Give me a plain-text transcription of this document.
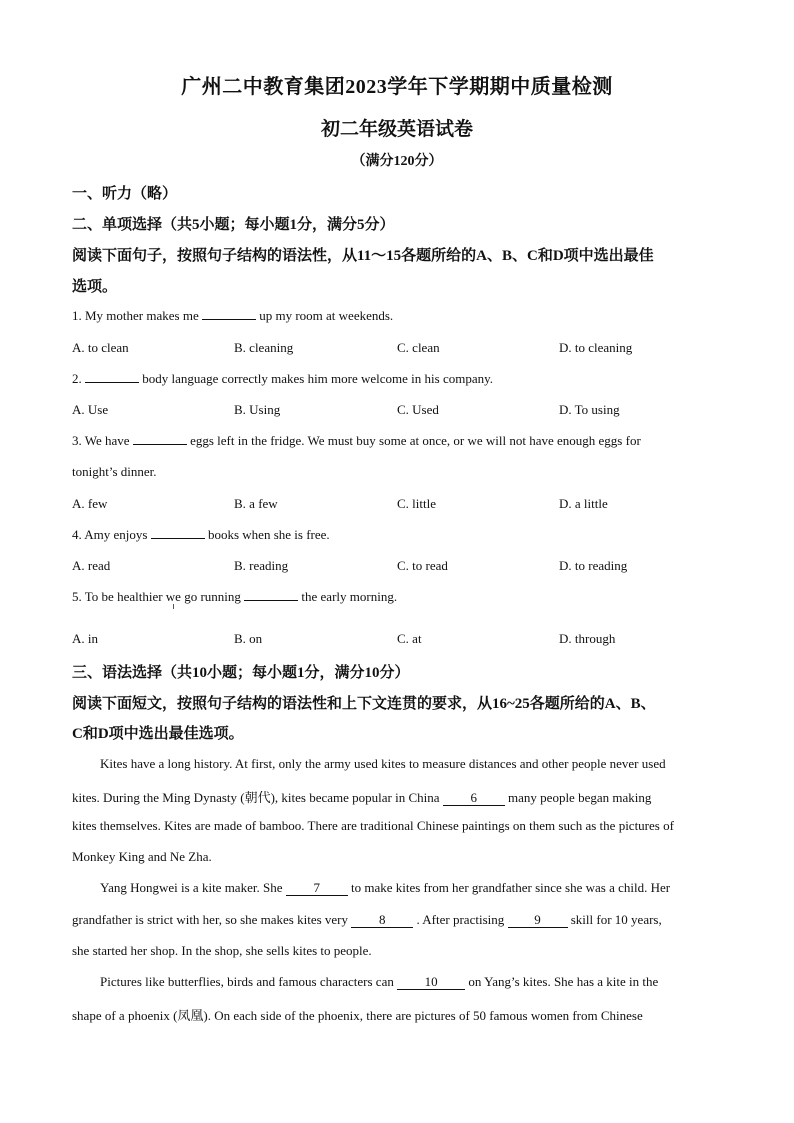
广州二中教育集团2023学年下学期期中质量检测
初二年级英语试卷
（满分120分）
一、听力（略）
二、单项选择（共5小题；每小题1分，满分5分）
阅读下面句子，按照句子结构的语法性，从11～15各题所给的A、B、C和D项中选出最佳
选项。
1. My mother makes me	up my room at weekends.
A. to clean	B. cleaning	C. clean	D. to cleaning
2.	body language correctly makes him more welcome in his company.
A. Use	B. Using	C. Used	D. To using
3. We have	eggs left in the fridge. We must buy some at once, or we will not have enough eggs for
tonight’s dinner.
A. few	B. a few	C. little	D. a little
4. Amy enjoys	books when she is free.
A. read	B. reading	C. to read	D. to reading
5. To be healthier we go running	the early morning.
A. in	B. on	C. at	D. through
三、语法选择（共10小题；每小题1分，满分10分）
阅读下面短文，按照句子结构的语法性和上下文连贯的要求，从16~25各题所给的A、B、
C和D项中选出最佳选项。
Kites have a long history. At first, only the army used kites to measure distances and other people never used
kites. During the Ming Dynasty (朝代), kites became popular in China 6 many people began making
kites themselves. Kites are made of bamboo. There are traditional Chinese paintings on them such as the pictures of
Monkey King and Ne Zha.
Yang Hongwei is a kite maker. She 7 to make kites from her grandfather since she was a child. Her
grandfather is strict with her, so she makes kites very 8 . After practising 9 skill for 10 years,
she started her shop. In the shop, she sells kites to people.
Pictures like butterflies, birds and famous characters can 10 on Yang’s kites. She has a kite in the
shape of a phoenix (凤凰). On each side of the phoenix, there are pictures of 50 famous women from Chinese
